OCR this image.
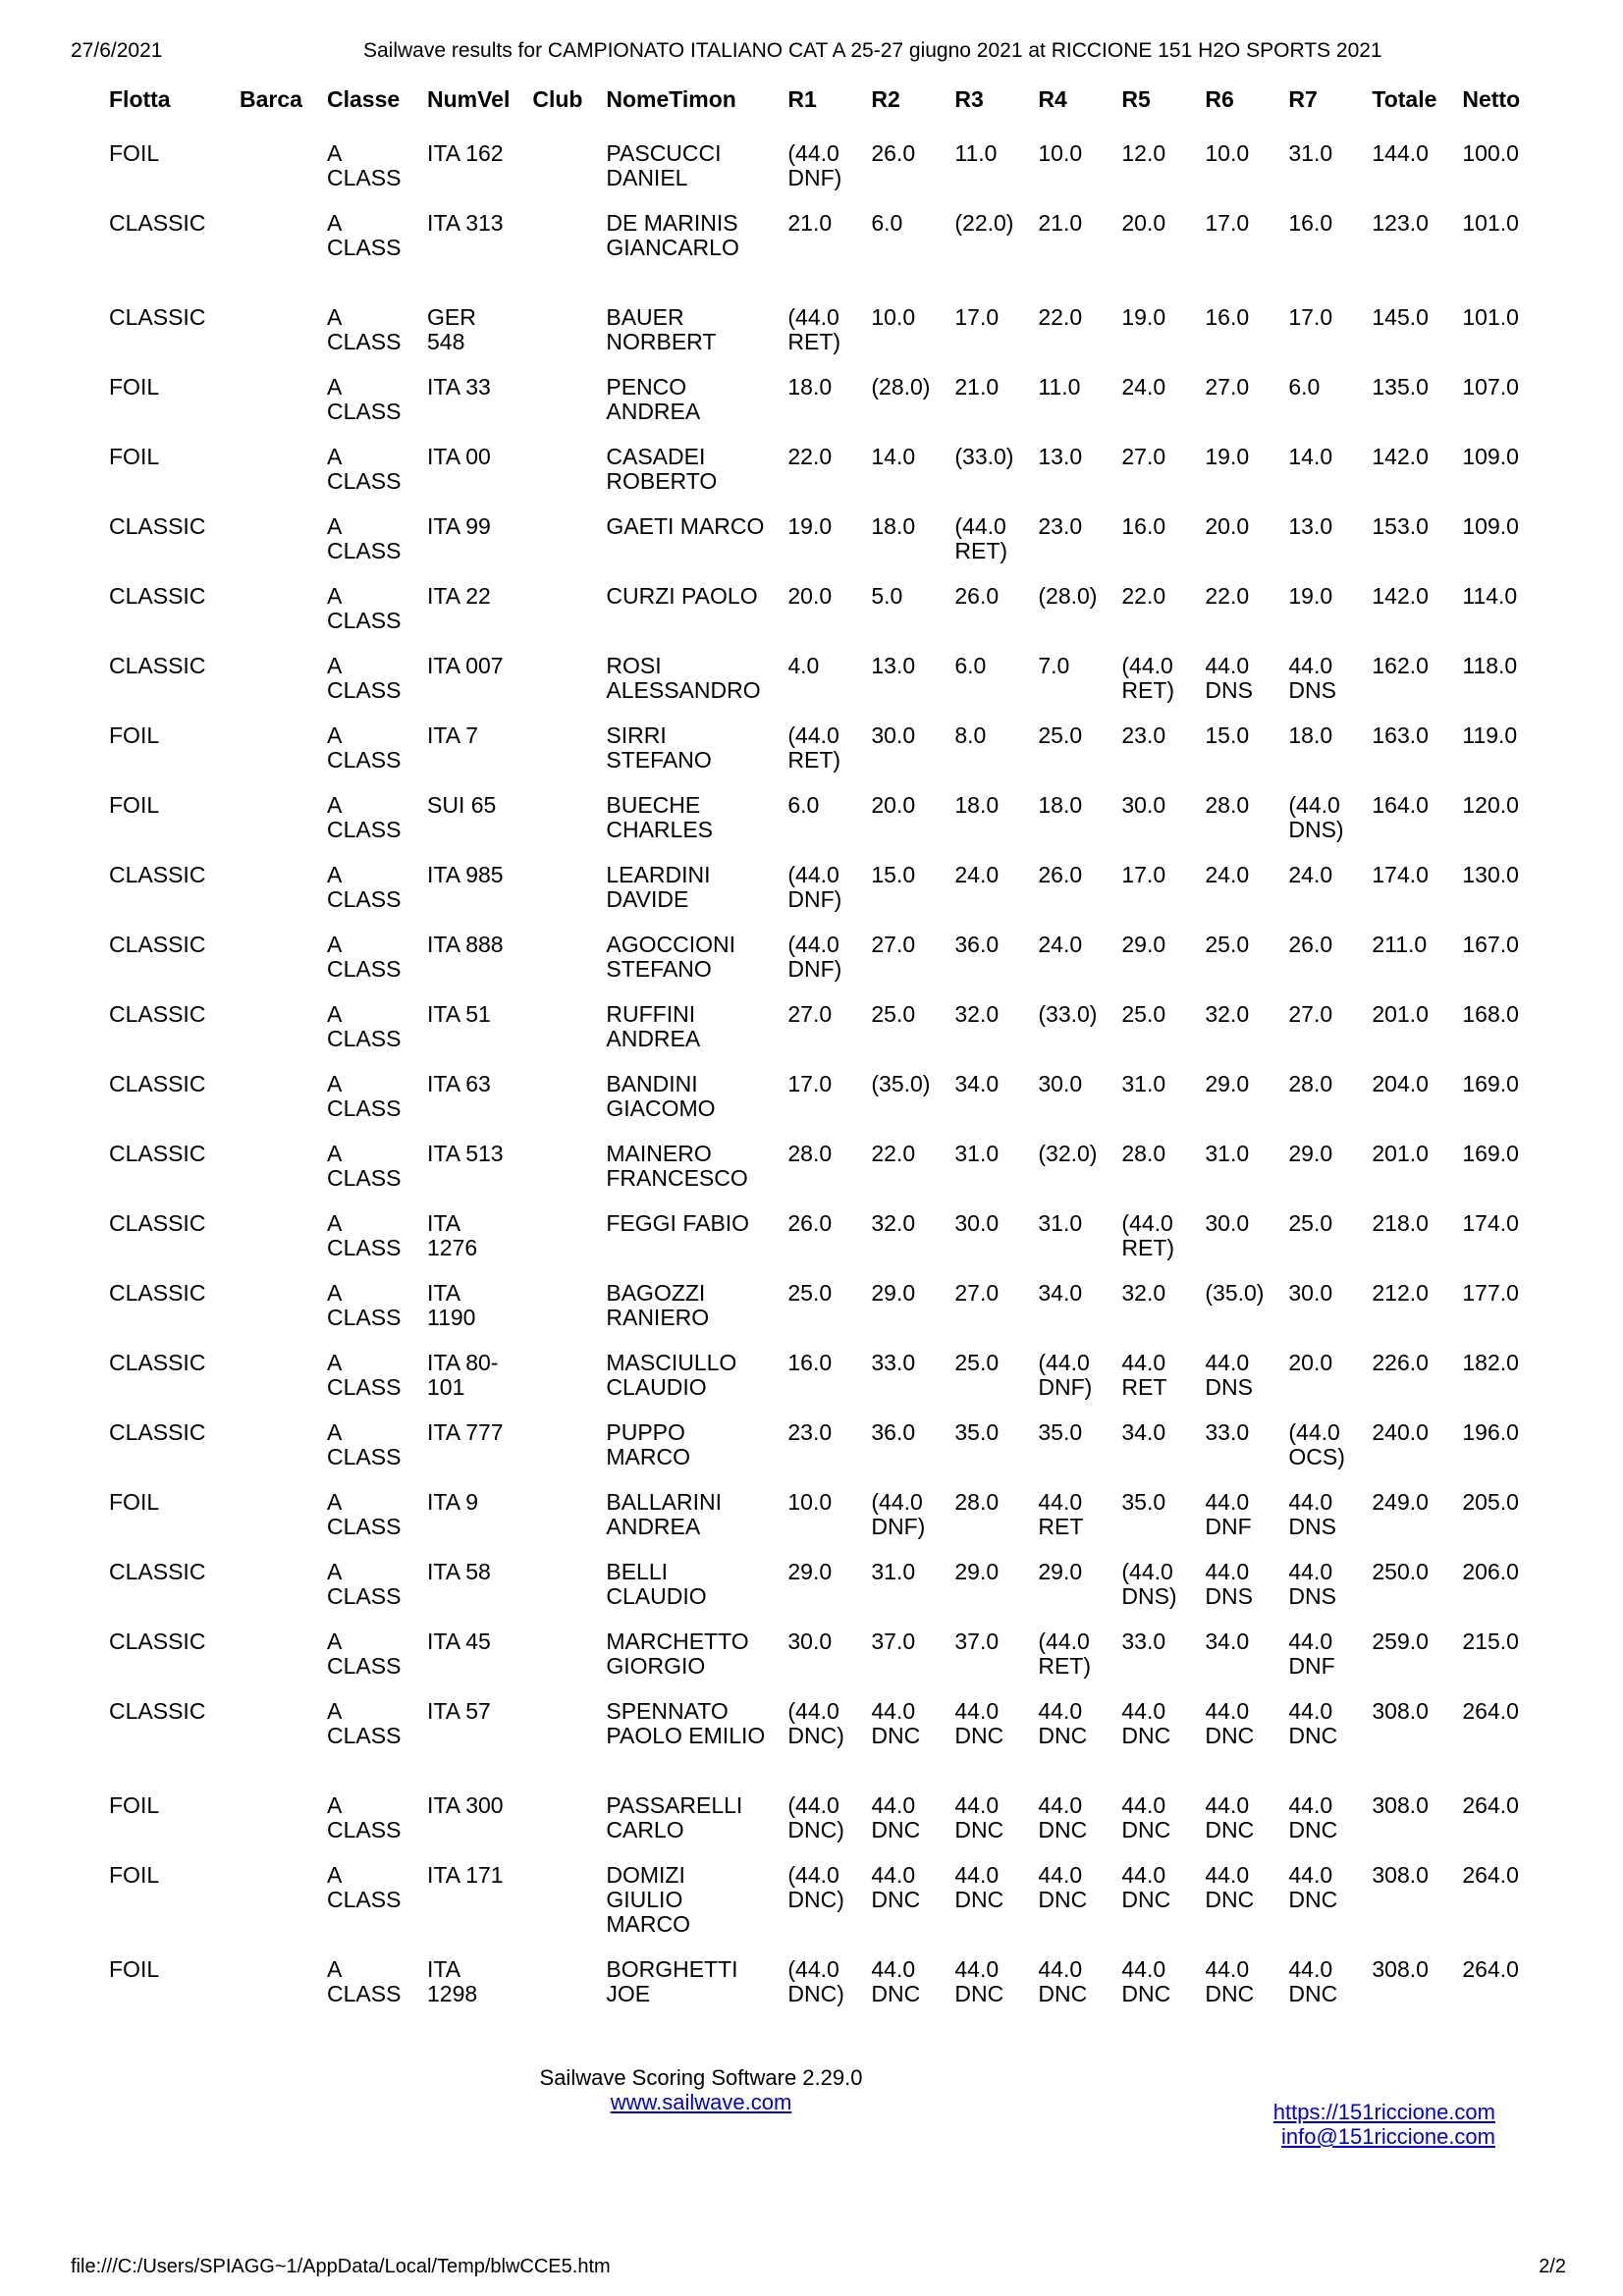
27/6/2021	Sailwave results for CAMPIONATO ITALIANO CAT A 25-27 giugno 2021 at RICCIONE 151 H2O SPORTS 2021
Flotta	Barca	Classe	NumVel	Club	NomeTimon	R1	R2	R3	R4	R5	R6	R7	Totale	Netto
FOIL		A CLASS	ITA 162		PASCUCCI DANIEL	(44.0 DNF)	26.0	11.0	10.0	12.0	10.0	31.0	144.0	100.0
CLASSIC		A CLASS	ITA 313		DE MARINIS GIANCARLO	21.0	6.0	(22.0)	21.0	20.0	17.0	16.0	123.0	101.0
CLASSIC		A CLASS	GER 548		BAUER NORBERT	(44.0 RET)	10.0	17.0	22.0	19.0	16.0	17.0	145.0	101.0
FOIL		A CLASS	ITA 33		PENCO ANDREA	18.0	(28.0)	21.0	11.0	24.0	27.0	6.0	135.0	107.0
FOIL		A CLASS	ITA 00		CASADEI ROBERTO	22.0	14.0	(33.0)	13.0	27.0	19.0	14.0	142.0	109.0
CLASSIC		A CLASS	ITA 99		GAETI MARCO	19.0	18.0	(44.0 RET)	23.0	16.0	20.0	13.0	153.0	109.0
CLASSIC		A CLASS	ITA 22		CURZI PAOLO	20.0	5.0	26.0	(28.0)	22.0	22.0	19.0	142.0	114.0
CLASSIC		A CLASS	ITA 007		ROSI ALESSANDRO	4.0	13.0	6.0	7.0	(44.0 RET)	44.0 DNS	44.0 DNS	162.0	118.0
FOIL		A CLASS	ITA 7		SIRRI STEFANO	(44.0 RET)	30.0	8.0	25.0	23.0	15.0	18.0	163.0	119.0
FOIL		A CLASS	SUI 65		BUECHE CHARLES	6.0	20.0	18.0	18.0	30.0	28.0	(44.0 DNS)	164.0	120.0
CLASSIC		A CLASS	ITA 985		LEARDINI DAVIDE	(44.0 DNF)	15.0	24.0	26.0	17.0	24.0	24.0	174.0	130.0
CLASSIC		A CLASS	ITA 888		AGOCCIONI STEFANO	(44.0 DNF)	27.0	36.0	24.0	29.0	25.0	26.0	211.0	167.0
CLASSIC		A CLASS	ITA 51		RUFFINI ANDREA	27.0	25.0	32.0	(33.0)	25.0	32.0	27.0	201.0	168.0
CLASSIC		A CLASS	ITA 63		BANDINI GIACOMO	17.0	(35.0)	34.0	30.0	31.0	29.0	28.0	204.0	169.0
CLASSIC		A CLASS	ITA 513		MAINERO FRANCESCO	28.0	22.0	31.0	(32.0)	28.0	31.0	29.0	201.0	169.0
CLASSIC		A CLASS	ITA 1276		FEGGI FABIO	26.0	32.0	30.0	31.0	(44.0 RET)	30.0	25.0	218.0	174.0
CLASSIC		A CLASS	ITA 1190		BAGOZZI RANIERO	25.0	29.0	27.0	34.0	32.0	(35.0)	30.0	212.0	177.0
CLASSIC		A CLASS	ITA 80-101		MASCIULLO CLAUDIO	16.0	33.0	25.0	(44.0 DNF)	44.0 RET	44.0 DNS	20.0	226.0	182.0
CLASSIC		A CLASS	ITA 777		PUPPO MARCO	23.0	36.0	35.0	35.0	34.0	33.0	(44.0 OCS)	240.0	196.0
FOIL		A CLASS	ITA 9		BALLARINI ANDREA	10.0	(44.0 DNF)	28.0	44.0 RET	35.0	44.0 DNF	44.0 DNS	249.0	205.0
CLASSIC		A CLASS	ITA 58		BELLI CLAUDIO	29.0	31.0	29.0	29.0	(44.0 DNS)	44.0 DNS	44.0 DNS	250.0	206.0
CLASSIC		A CLASS	ITA 45		MARCHETTO GIORGIO	30.0	37.0	37.0	(44.0 RET)	33.0	34.0	44.0 DNF	259.0	215.0
CLASSIC		A CLASS	ITA 57		SPENNATO PAOLO EMILIO	(44.0 DNC)	44.0 DNC	44.0 DNC	44.0 DNC	44.0 DNC	44.0 DNC	44.0 DNC	308.0	264.0
FOIL		A CLASS	ITA 300		PASSARELLI CARLO	(44.0 DNC)	44.0 DNC	44.0 DNC	44.0 DNC	44.0 DNC	44.0 DNC	44.0 DNC	308.0	264.0
FOIL		A CLASS	ITA 171		DOMIZI GIULIO MARCO	(44.0 DNC)	44.0 DNC	44.0 DNC	44.0 DNC	44.0 DNC	44.0 DNC	44.0 DNC	308.0	264.0
FOIL		A CLASS	ITA 1298		BORGHETTI JOE	(44.0 DNC)	44.0 DNC	44.0 DNC	44.0 DNC	44.0 DNC	44.0 DNC	44.0 DNC	308.0	264.0
Sailwave Scoring Software 2.29.0
www.sailwave.com	https://151riccione.com
info@151riccione.com
file:///C:/Users/SPIAGG~1/AppData/Local/Temp/blwCCE5.htm	2/2
